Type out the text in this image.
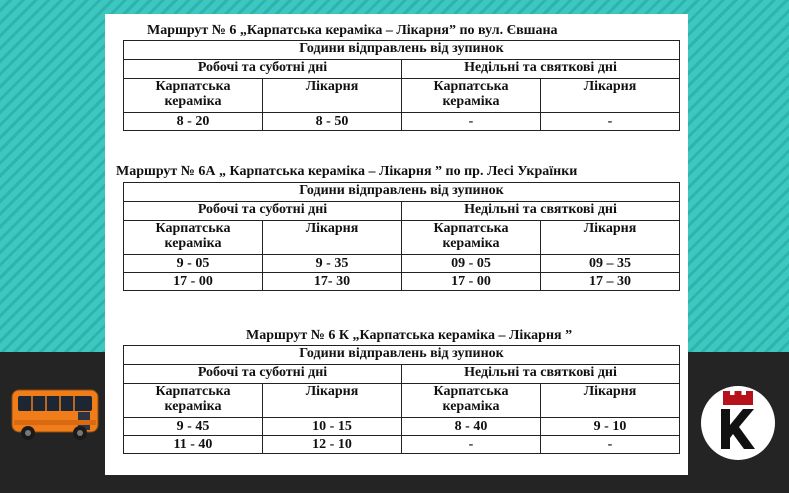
Маршрут № 6 „Карпатська кераміка – Лікарня” по вул. Євшана
Години відправлень від зупинок			
Робочі та суботні дні		Недільні та святкові дні	
Карпатська кераміка	Лікарня	Карпатська кераміка	Лікарня
8 - 20	8 - 50	-	-
Маршрут № 6А „ Карпатська кераміка – Лікарня ” по пр. Лесі Українки
Години відправлень від зупинок			
Робочі та суботні дні		Недільні та святкові дні	
Карпатська кераміка	Лікарня	Карпатська кераміка	Лікарня
9 - 05	9 - 35	09 - 05	09 – 35
17 - 00	17- 30	17 - 00	17 – 30
Маршрут № 6 К „Карпатська кераміка – Лікарня ”
Години відправлень від зупинок			
Робочі та суботні дні		Недільні та святкові дні	
Карпатська кераміка	Лікарня	Карпатська кераміка	Лікарня
9 - 45	10 - 15	8 - 40	9 - 10
11 - 40	12 - 10	-	-
